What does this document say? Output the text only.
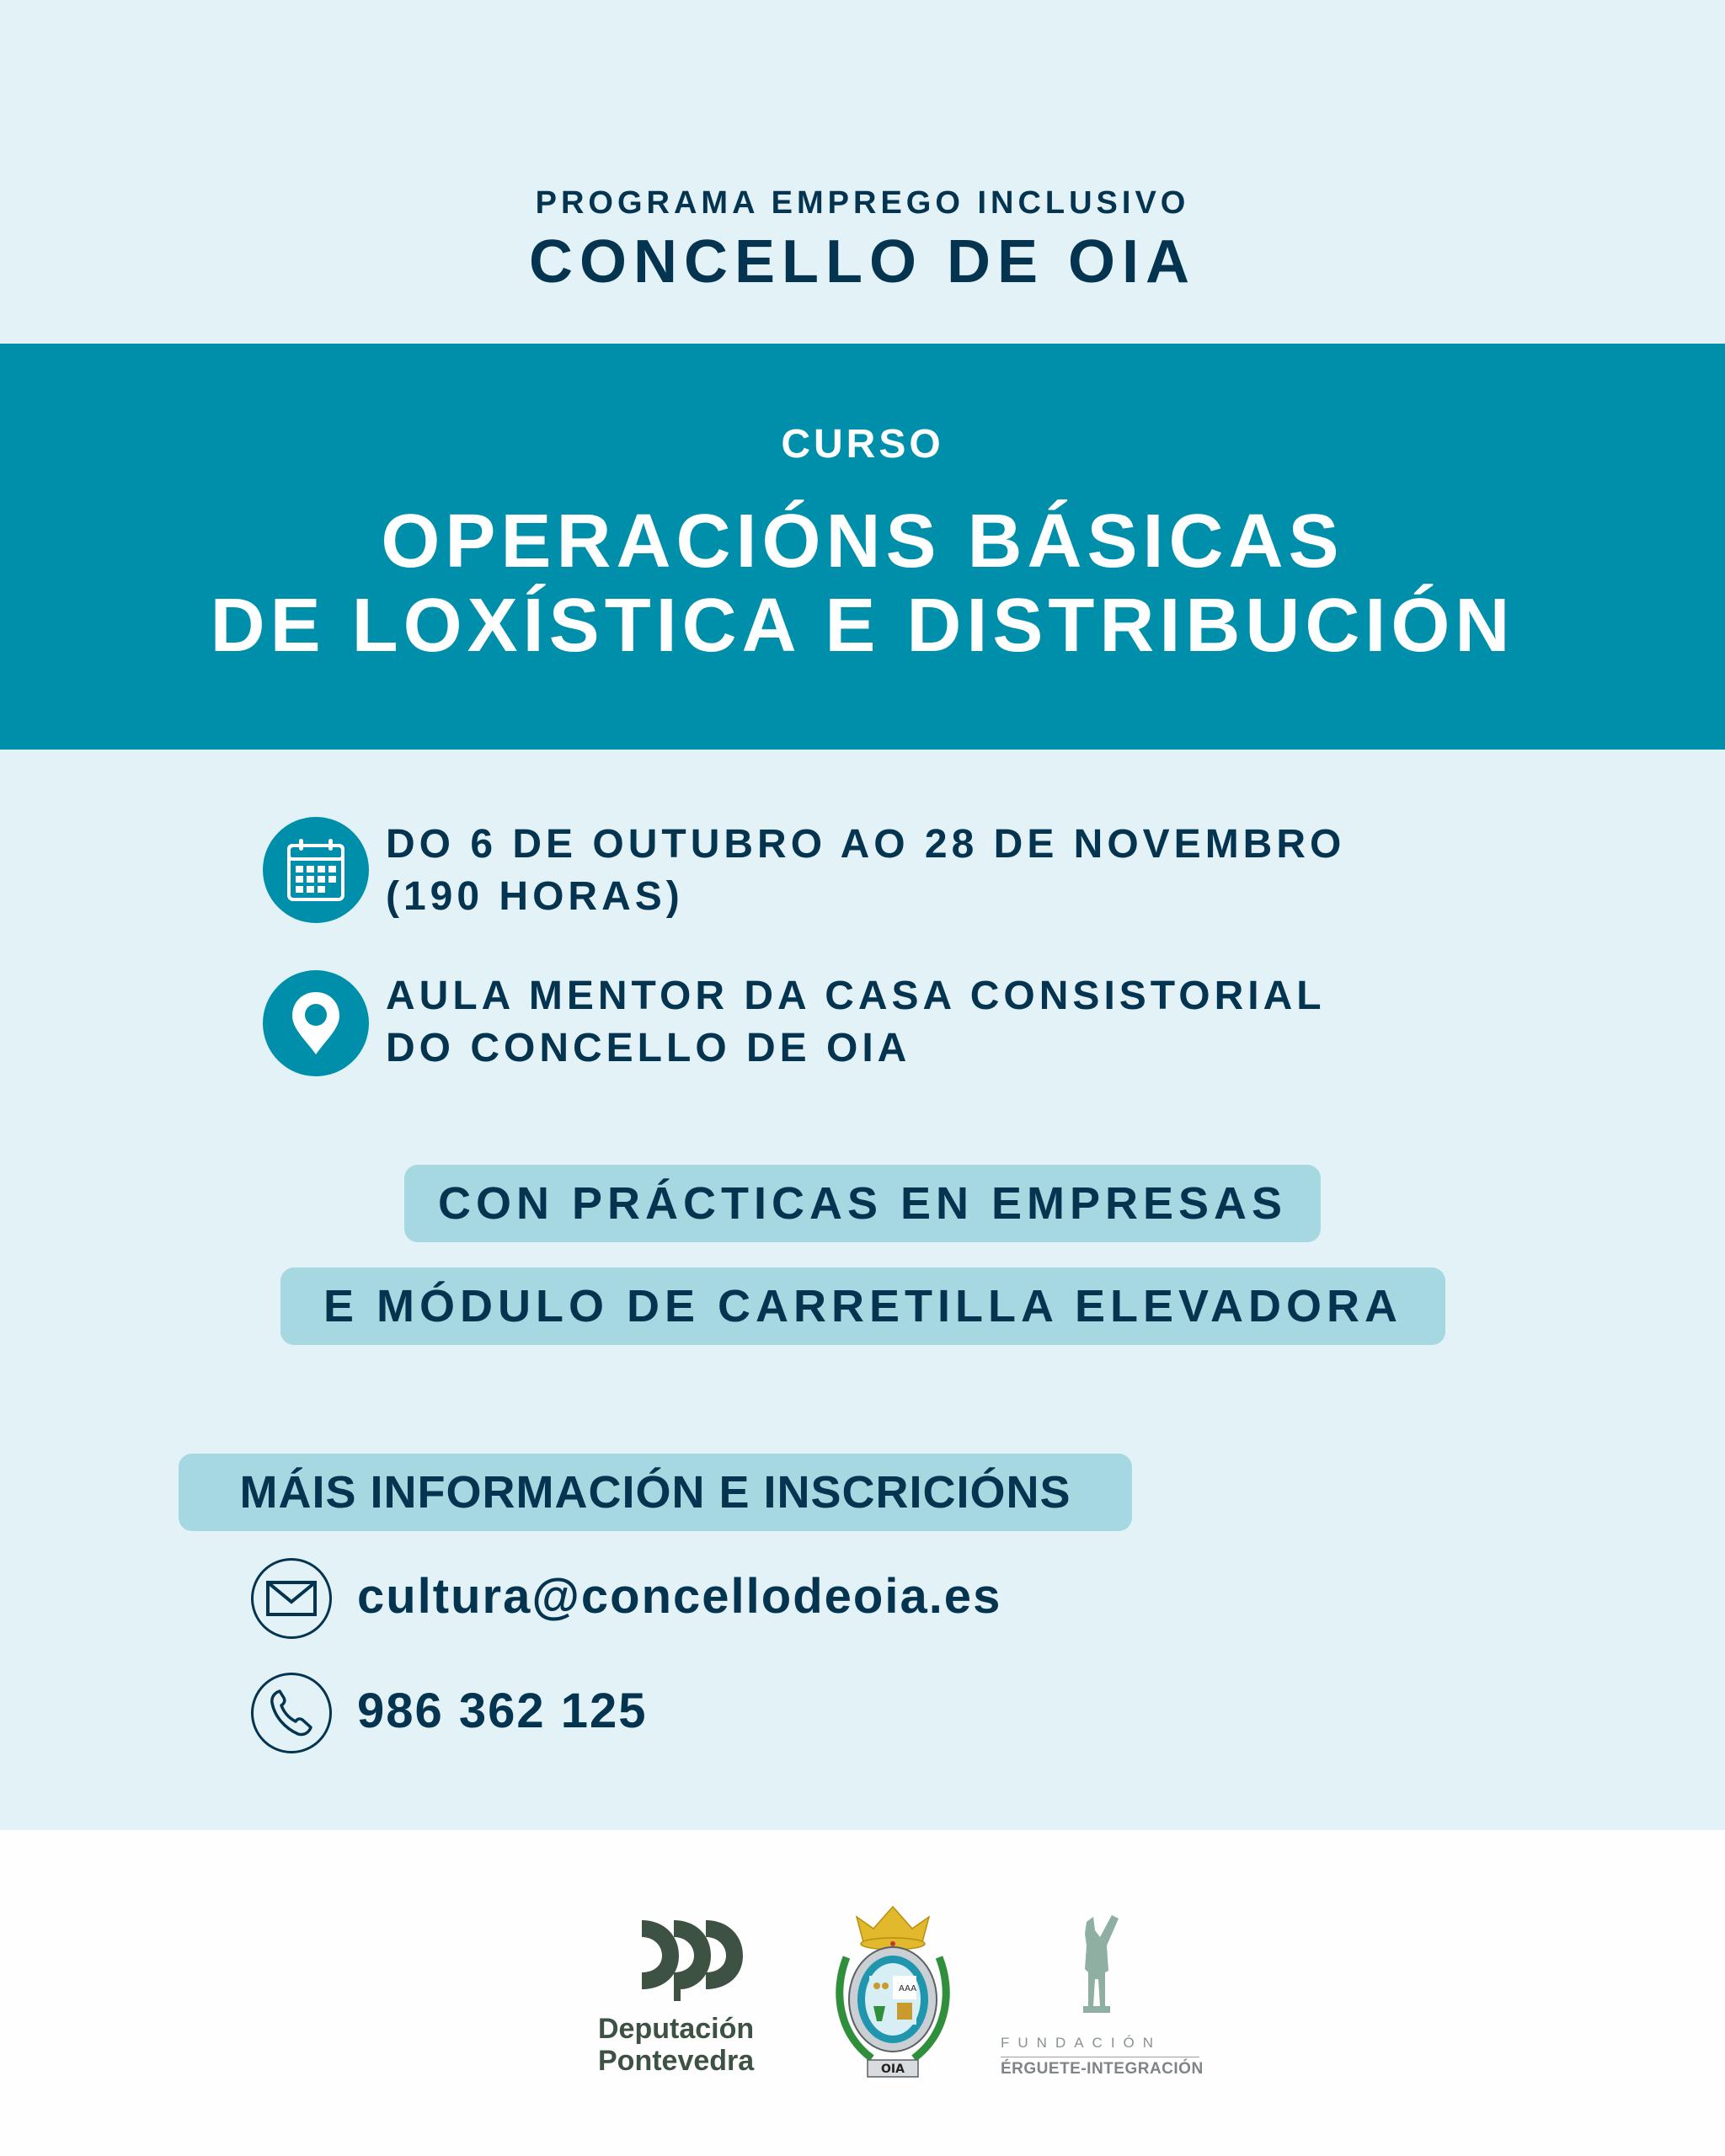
PROGRAMA EMPREGO INCLUSIVO
CONCELLO DE OIA
CURSO
OPERACIÓNS BÁSICAS
DE LOXÍSTICA E DISTRIBUCIÓN
DO 6 DE OUTUBRO AO 28 DE NOVEMBRO
(190 HORAS)
AULA MENTOR DA CASA CONSISTORIAL
DO CONCELLO DE OIA
CON PRÁCTICAS EN EMPRESAS
E MÓDULO DE CARRETILLA ELEVADORA
MÁIS INFORMACIÓN E INSCRICIÓNS
cultura@concellodeoia.es
986 362 125
Deputación
Pontevedra
AAA
OIA
FUNDACIÓN
ÉRGUETE-INTEGRACIÓN
